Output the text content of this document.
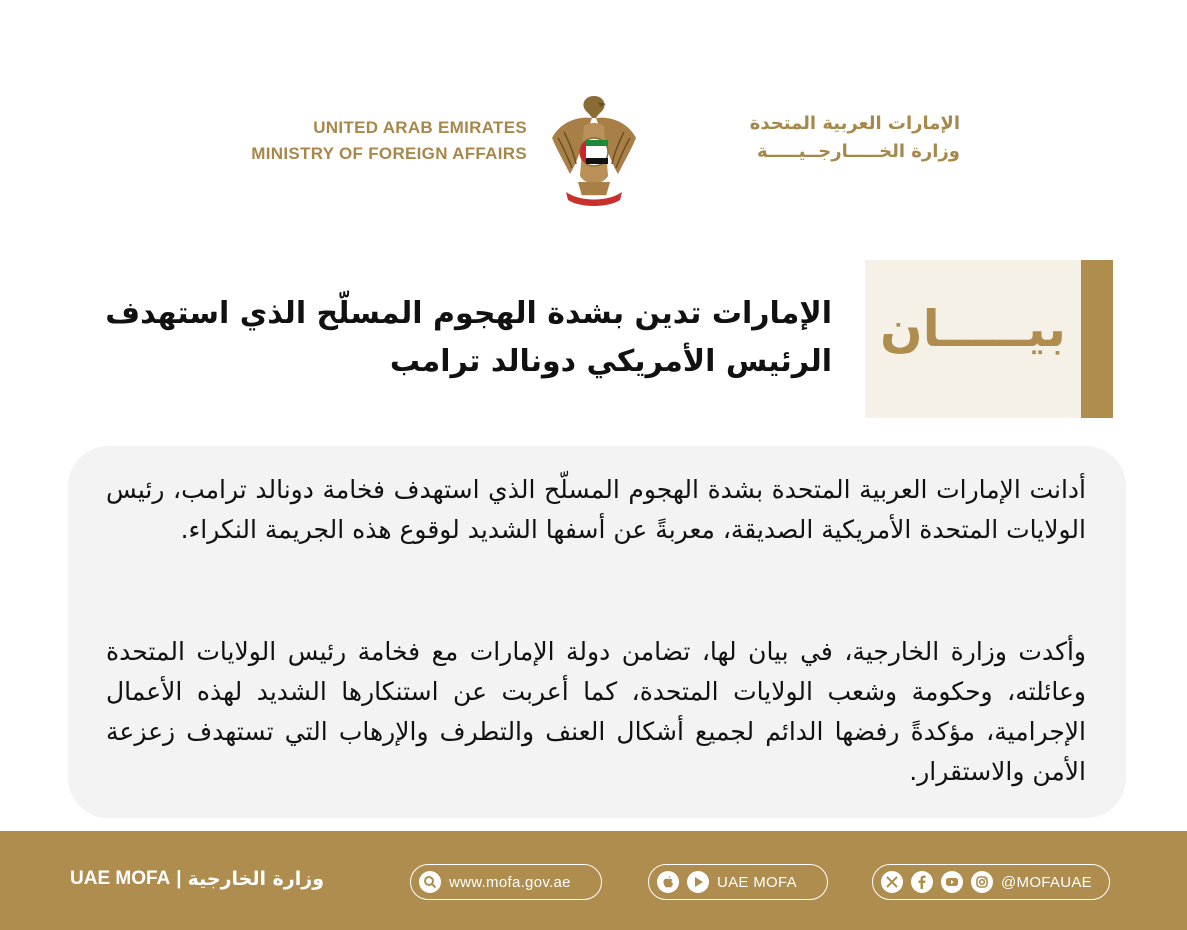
UNITED ARAB EMIRATES
MINISTRY OF FOREIGN AFFAIRS
الإمارات العربية المتحدة
وزارة الخـــــارجــيـــــة
بيـــــان
الإمارات تدين بشدة الهجوم المسلّح الذي استهدف
الرئيس الأمريكي دونالد ترامب

أدانت الإمارات العربية المتحدة بشدة الهجوم المسلّح الذي استهدف فخامة دونالد ترامب، رئيس الولايات المتحدة الأمريكية الصديقة، معربةً عن أسفها الشديد لوقوع هذه الجريمة النكراء.

وأكدت وزارة الخارجية، في بيان لها، تضامن دولة الإمارات مع فخامة رئيس الولايات المتحدة وعائلته، وحكومة وشعب الولايات المتحدة، كما أعربت عن استنكارها الشديد لهذه الأعمال الإجرامية، مؤكدةً رفضها الدائم لجميع أشكال العنف والتطرف والإرهاب التي تستهدف زعزعة الأمن والاستقرار.

UAE MOFA | وزارة الخارجية	www.mofa.gov.ae	UAE MOFA	@MOFAUAE
